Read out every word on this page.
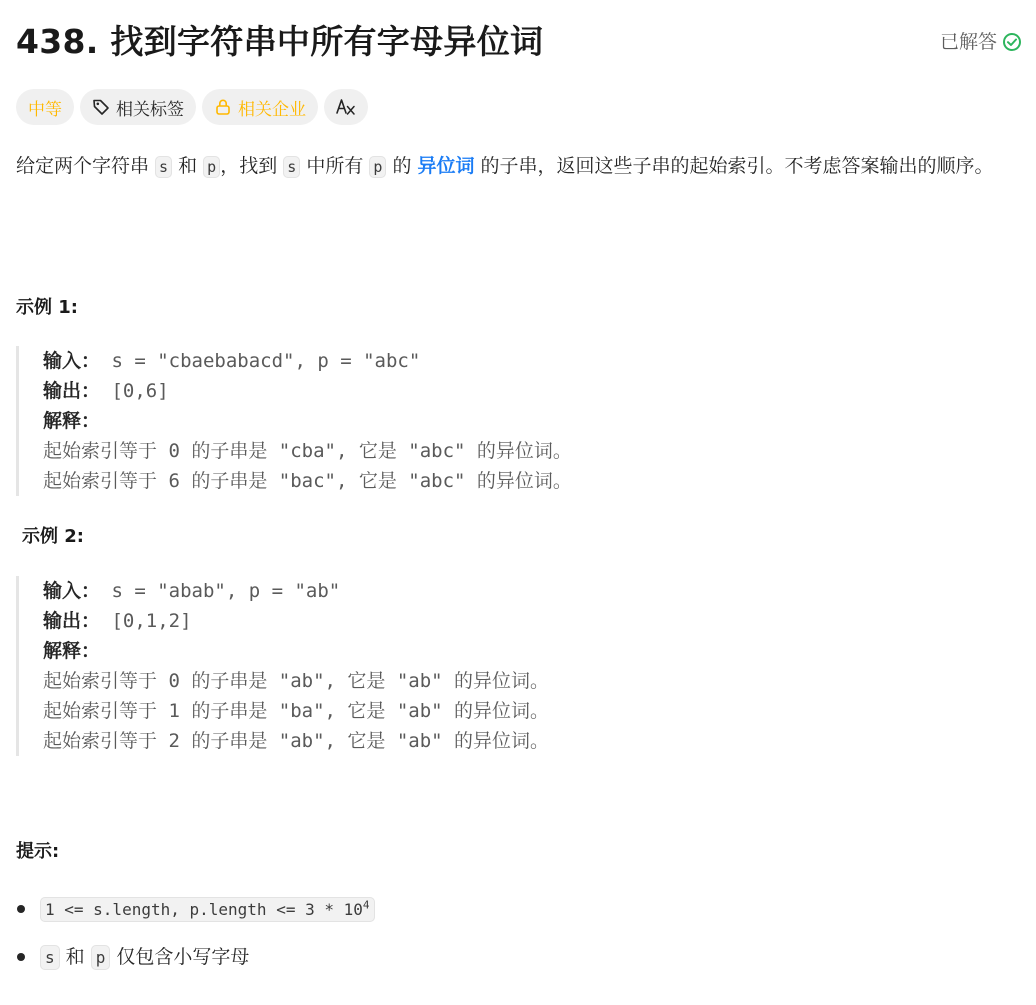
438. 找到字符串中所有字母异位词	已解答
中等	相关标签	相关企业
给定两个字符串 s 和 p ，找到 s 中所有 p 的 异位词 的子串，返回这些子串的起始索引。不考虑答案输出的顺序。
示例 1:
输入： s = "cbaebabacd", p = "abc"
输出： [0,6]
解释：
起始索引等于 0 的子串是 "cba", 它是 "abc" 的异位词。
起始索引等于 6 的子串是 "bac", 它是 "abc" 的异位词。
示例 2:
输入： s = "abab", p = "ab"
输出： [0,1,2]
解释：
起始索引等于 0 的子串是 "ab", 它是 "ab" 的异位词。
起始索引等于 1 的子串是 "ba", 它是 "ab" 的异位词。
起始索引等于 2 的子串是 "ab", 它是 "ab" 的异位词。
提示:
1 <= s.length, p.length <= $3 * 10^4$
s 和 p 仅包含小写字母
